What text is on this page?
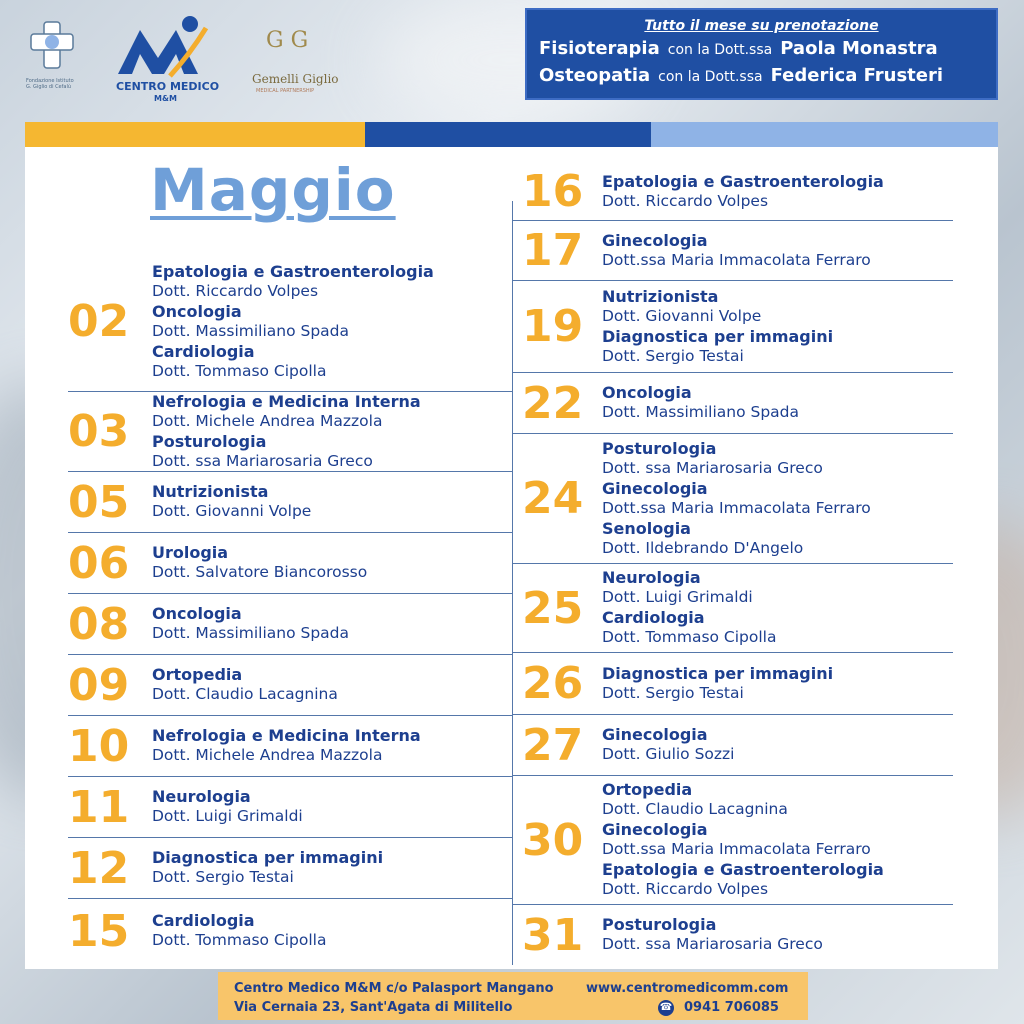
Fondazione Istituto G. Giglio di Cefalù	CENTRO MEDICO
M&M
G G
Gemelli Giglio
MEDICAL PARTNERSHIP
Tutto il mese su prenotazione
Fisioterapia con la Dott.ssa Paola Monastra
Osteopatia con la Dott.ssa Federica Frusteri
Maggio
02
Epatologia e Gastroenterologia
Dott. Riccardo Volpes
Oncologia
Dott. Massimiliano Spada
Cardiologia
Dott. Tommaso Cipolla
03
Nefrologia e Medicina Interna
Dott. Michele Andrea Mazzola
Posturologia
Dott. ssa Mariarosaria Greco
05	Nutrizionista
Dott. Giovanni Volpe
06	Urologia
Dott. Salvatore Biancorosso
08	Oncologia
Dott. Massimiliano Spada
09	Ortopedia
Dott. Claudio Lacagnina
10	Nefrologia e Medicina Interna
Dott. Michele Andrea Mazzola
11	Neurologia
Dott. Luigi Grimaldi
12	Diagnostica per immagini
Dott. Sergio Testai
15	Cardiologia
Dott. Tommaso Cipolla
16	Epatologia e Gastroenterologia
Dott. Riccardo Volpes
17	Ginecologia
Dott.ssa Maria Immacolata Ferraro
19
Nutrizionista
Dott. Giovanni Volpe
Diagnostica per immagini
Dott. Sergio Testai
22	Oncologia
Dott. Massimiliano Spada
24
Posturologia
Dott. ssa Mariarosaria Greco
Ginecologia
Dott.ssa Maria Immacolata Ferraro
Senologia
Dott. Ildebrando D'Angelo
25
Neurologia
Dott. Luigi Grimaldi
Cardiologia
Dott. Tommaso Cipolla
26	Diagnostica per immagini
Dott. Sergio Testai
27	Ginecologia
Dott. Giulio Sozzi
30
Ortopedia
Dott. Claudio Lacagnina
Ginecologia
Dott.ssa Maria Immacolata Ferraro
Epatologia e Gastroenterologia
Dott. Riccardo Volpes
31	Posturologia
Dott. ssa Mariarosaria Greco
Centro Medico M&M c/o Palasport Mangano
Via Cernaia 23, Sant'Agata di Militello
www.centromedicomm.com
☎ 0941 706085
